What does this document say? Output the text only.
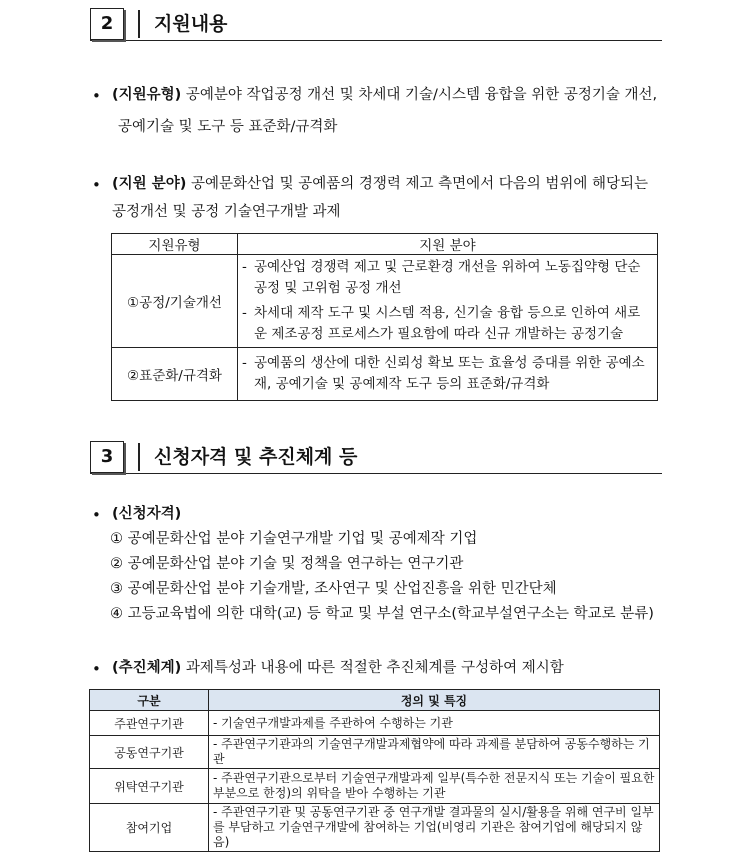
2	지원내용
• (지원유형) 공예분야 작업공정 개선 및 차세대 기술/시스템 융합을 위한 공정기술 개선,
공예기술 및 도구 등 표준화/규격화
• (지원 분야) 공예문화산업 및 공예품의 경쟁력 제고 측면에서 다음의 범위에 해당되는
공정개선 및 공정 기술연구개발 과제
지원유형	지원 분야
①공정/기술개선	- 공예산업 경쟁력 제고 및 근로환경 개선을 위하여 노동집약형 단순 공정 및 고위험 공정 개선
- 차세대 제작 도구 및 시스템 적용, 신기술 융합 등으로 인하여 새로운 제조공정 프로세스가 필요함에 따라 신규 개발하는 공정기술

②표준화/규격화	- 공예품의 생산에 대한 신뢰성 확보 또는 효율성 증대를 위한 공예소재, 공예기술 및 공예제작 도구 등의 표준화/규격화
3	신청자격 및 추진체계 등
• (신청자격)
① 공예문화산업 분야 기술연구개발 기업 및 공예제작 기업
② 공예문화산업 분야 기술 및 정책을 연구하는 연구기관
③ 공예문화산업 분야 기술개발, 조사연구 및 산업진흥을 위한 민간단체
④ 고등교육법에 의한 대학(교) 등 학교 및 부설 연구소(학교부설연구소는 학교로 분류)
• (추진체계) 과제특성과 내용에 따른 적절한 추진체계를 구성하여 제시함
구분	정의 및 특징
주관연구기관	- 기술연구개발과제를 주관하여 수행하는 기관
공동연구기관	- 주관연구기관과의 기술연구개발과제협약에 따라 과제를 분담하여 공동수행하는 기관
위탁연구기관	- 주관연구기관으로부터 기술연구개발과제 일부(특수한 전문지식 또는 기술이 필요한 부분으로 한정)의 위탁을 받아 수행하는 기관
참여기업	- 주관연구기관 및 공동연구기관 중 연구개발 결과물의 실시/활용을 위해 연구비 일부를 부담하고 기술연구개발에 참여하는 기업(비영리 기관은 참여기업에 해당되지 않음)
